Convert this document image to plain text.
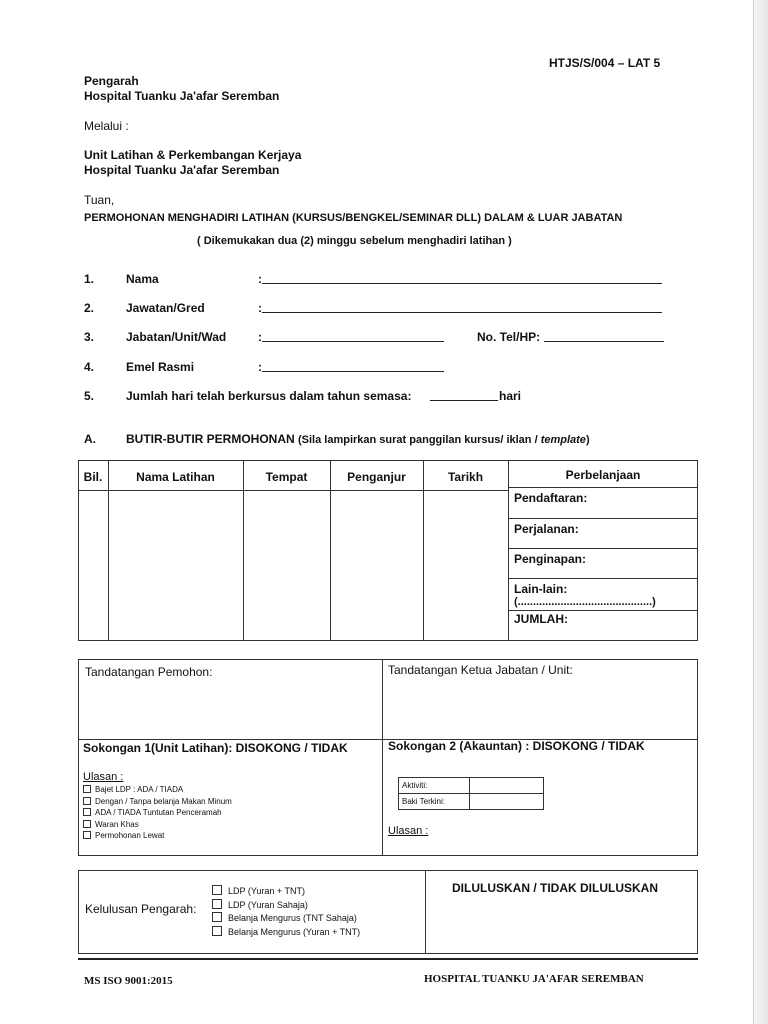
HTJS/S/004 – LAT 5
Pengarah
Hospital Tuanku Ja'afar Seremban
Melalui :
Unit Latihan & Perkembangan Kerjaya
Hospital Tuanku Ja'afar Seremban
Tuan,
PERMOHONAN MENGHADIRI LATIHAN (KURSUS/BENGKEL/SEMINAR DLL) DALAM & LUAR JABATAN
( Dikemukakan dua (2) minggu sebelum menghadiri latihan )
1.	Nama	:
2.	Jawatan/Gred	:
3.	Jabatan/Unit/Wad	:	No. Tel/HP:
4.	Emel Rasmi	:
5.	Jumlah hari telah berkursus dalam tahun semasa:	hari
A.	BUTIR-BUTIR PERMOHONAN (Sila lampirkan surat panggilan kursus/ iklan / template)
Bil.	Nama Latihan	Tempat	Penganjur	Tarikh	Perbelanjaan
Pendaftaran:
Perjalanan:
Penginapan:
Lain-lain:
(............................................)
JUMLAH:
Tandatangan Pemohon:	Tandatangan Ketua Jabatan / Unit:
Sokongan 1(Unit Latihan): DISOKONG / TIDAK	Sokongan 2 (Akauntan) : DISOKONG / TIDAK
Ulasan :
Bajet LDP : ADA / TIADA
Dengan / Tanpa belanja Makan Minum
ADA / TIADA Tuntutan Penceramah
Waran Khas
Permohonan Lewat
Aktiviti:	
Baki Terkini:	
Ulasan :
Kelulusan Pengarah:
LDP (Yuran + TNT)
LDP (Yuran Sahaja)
Belanja Mengurus (TNT Sahaja)
Belanja Mengurus (Yuran + TNT)
DILULUSKAN / TIDAK DILULUSKAN
MS ISO 9001:2015	HOSPITAL TUANKU JA'AFAR SEREMBAN
